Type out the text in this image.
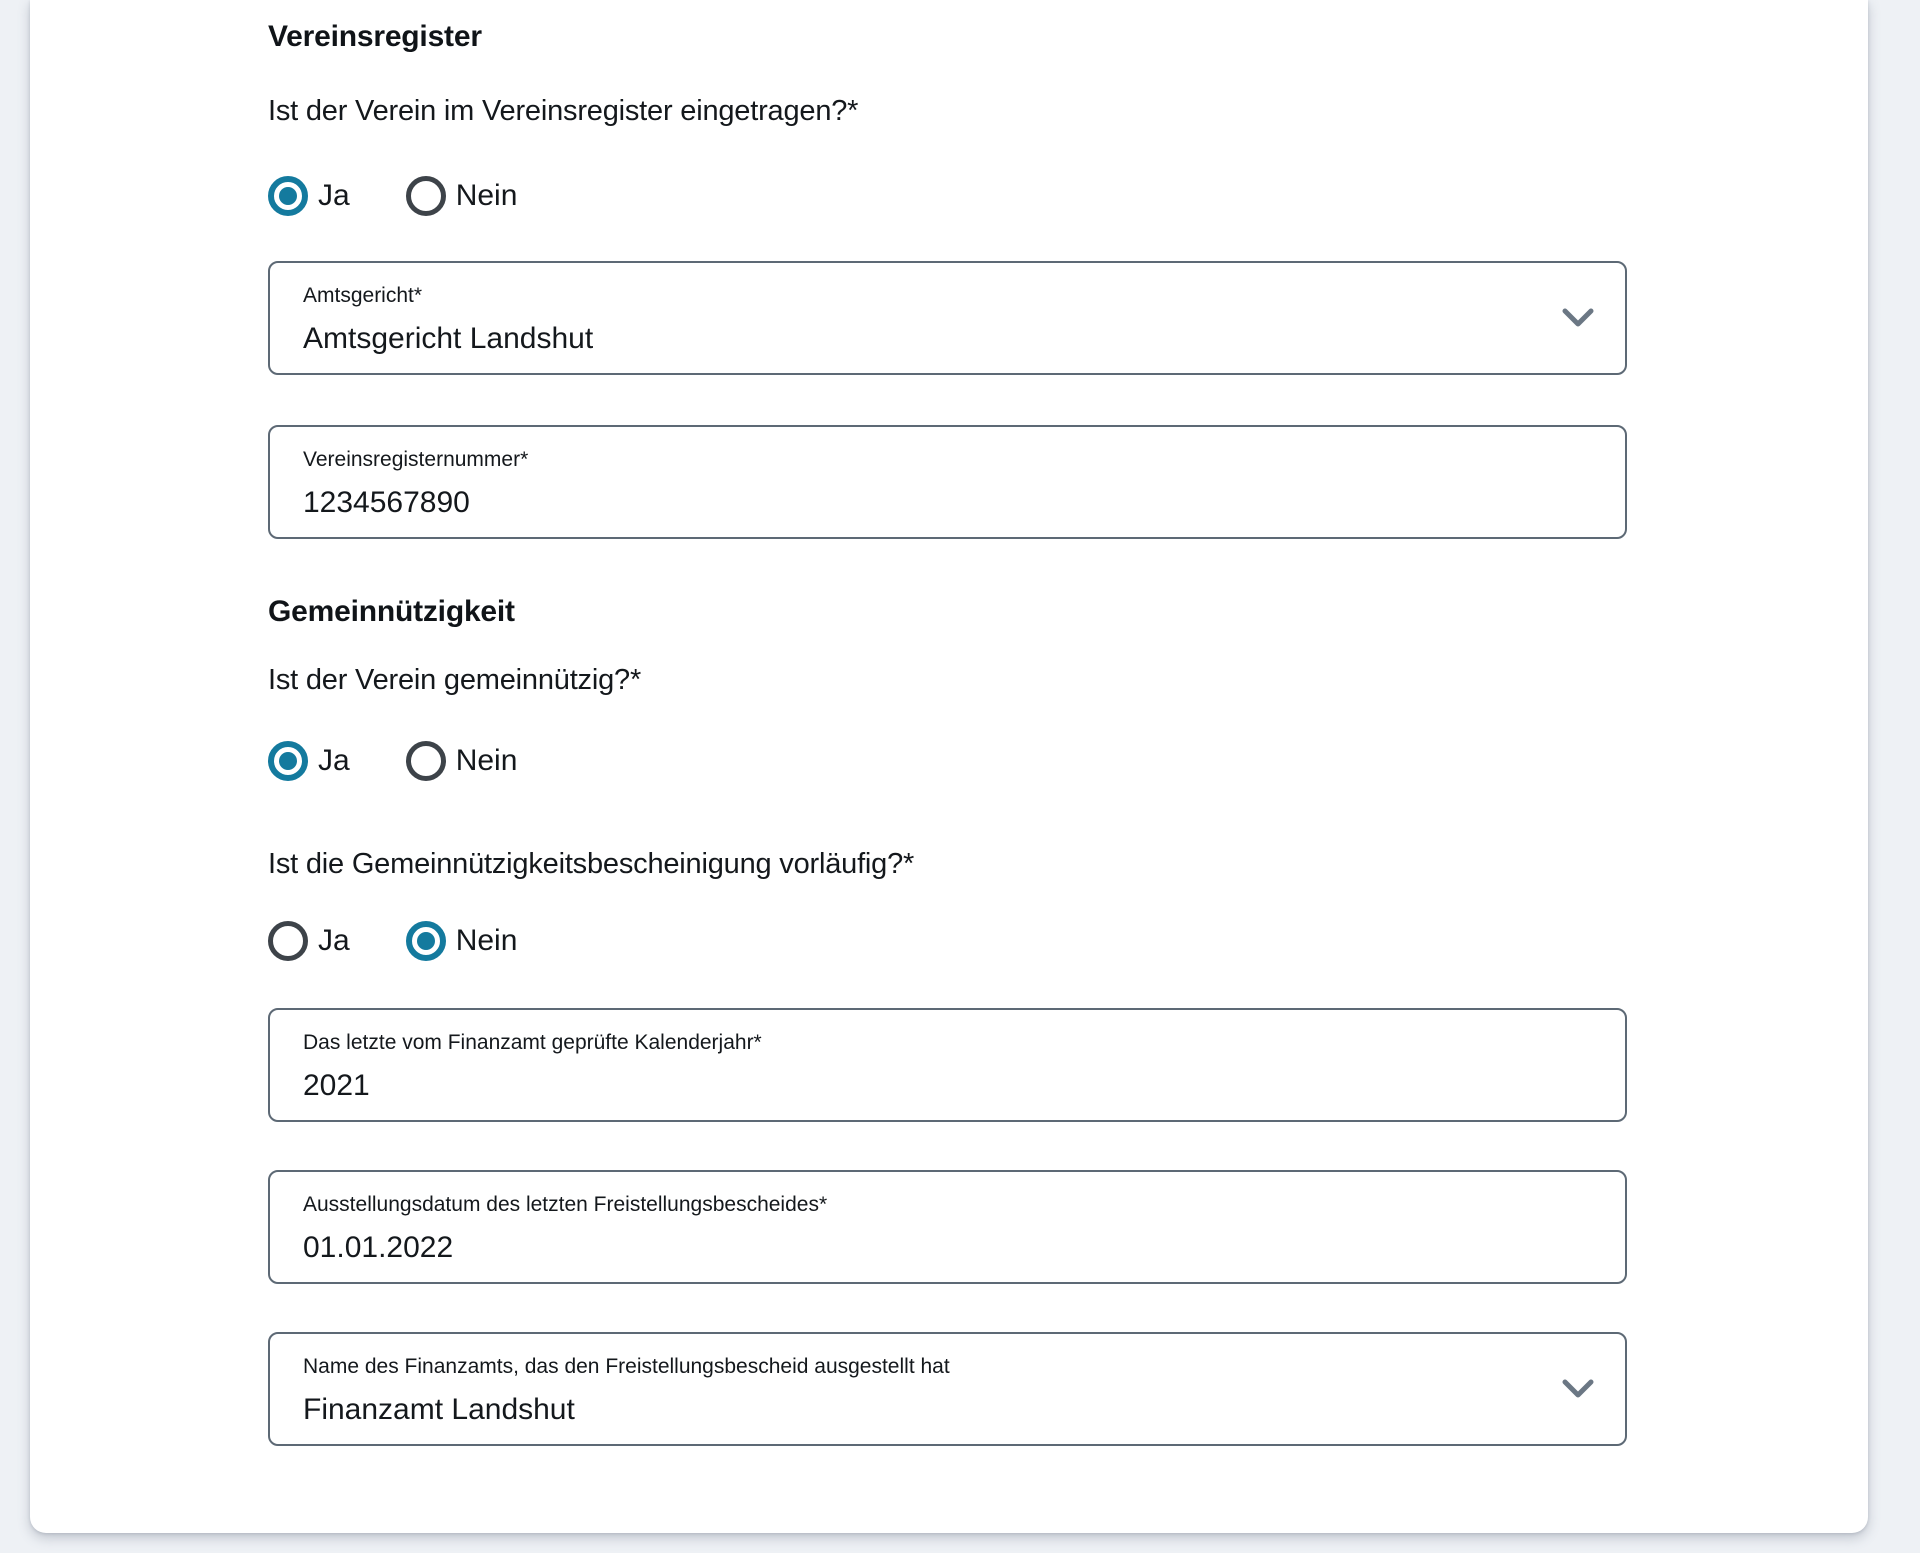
Vereinsregister

Ist der Verein im Vereinsregister eingetragen?*

Ja	Nein
Amtsgericht*
Amtsgericht Landshut
Vereinsregisternummer*
1234567890
Gemeinnützigkeit

Ist der Verein gemeinnützig?*

Ja	Nein

Ist die Gemeinnützigkeitsbescheinigung vorläufig?*

Ja	Nein
Das letzte vom Finanzamt geprüfte Kalenderjahr*
2021
Ausstellungsdatum des letzten Freistellungsbescheides*
01.01.2022
Name des Finanzamts, das den Freistellungsbescheid ausgestellt hat
Finanzamt Landshut
